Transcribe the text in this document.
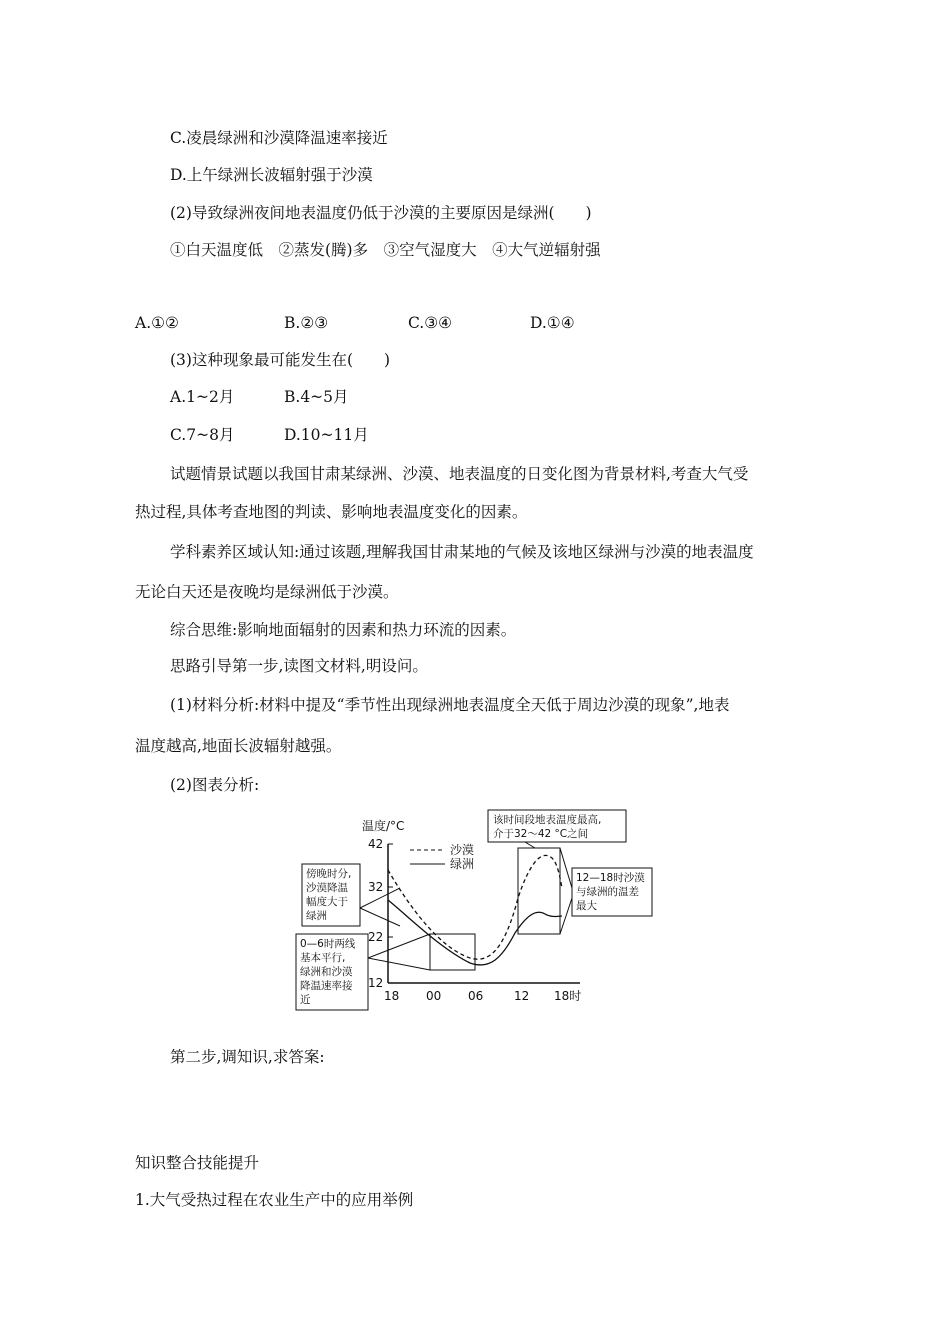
C.凌晨绿洲和沙漠降温速率接近
D.上午绿洲长波辐射强于沙漠
(2)导致绿洲夜间地表温度仍低于沙漠的主要原因是绿洲(　　)
①白天温度低　②蒸发(腾)多　③空气湿度大　④大气逆辐射强
A.①②	B.②③	C.③④	D.①④
(3)这种现象最可能发生在(　　)
A.1~2月	B.4~5月
C.7~8月	D.10~11月
试题情景试题以我国甘肃某绿洲、沙漠、地表温度的日变化图为背景材料,考查大气受
热过程,具体考查地图的判读、影响地表温度变化的因素。
学科素养区域认知:通过该题,理解我国甘肃某地的气候及该地区绿洲与沙漠的地表温度
无论白天还是夜晚均是绿洲低于沙漠。
综合思维:影响地面辐射的因素和热力环流的因素。
思路引导第一步,读图文材料,明设问。
(1)材料分析:材料中提及“季节性出现绿洲地表温度全天低于周边沙漠的现象”,地表
温度越高,地面长波辐射越强。
(2)图表分析:
温度/°C
42
32
22
12
18 00 06	12 18时
沙漠
绿洲
该时间段地表温度最高,
介于32～42 °C之间
傍晚时分,
沙漠降温
幅度大于
绿洲
0—6时两线
基本平行,
绿洲和沙漠
降温速率接
近
12—18时沙漠
与绿洲的温差
最大
第二步,调知识,求答案:
知识整合技能提升
1.大气受热过程在农业生产中的应用举例
